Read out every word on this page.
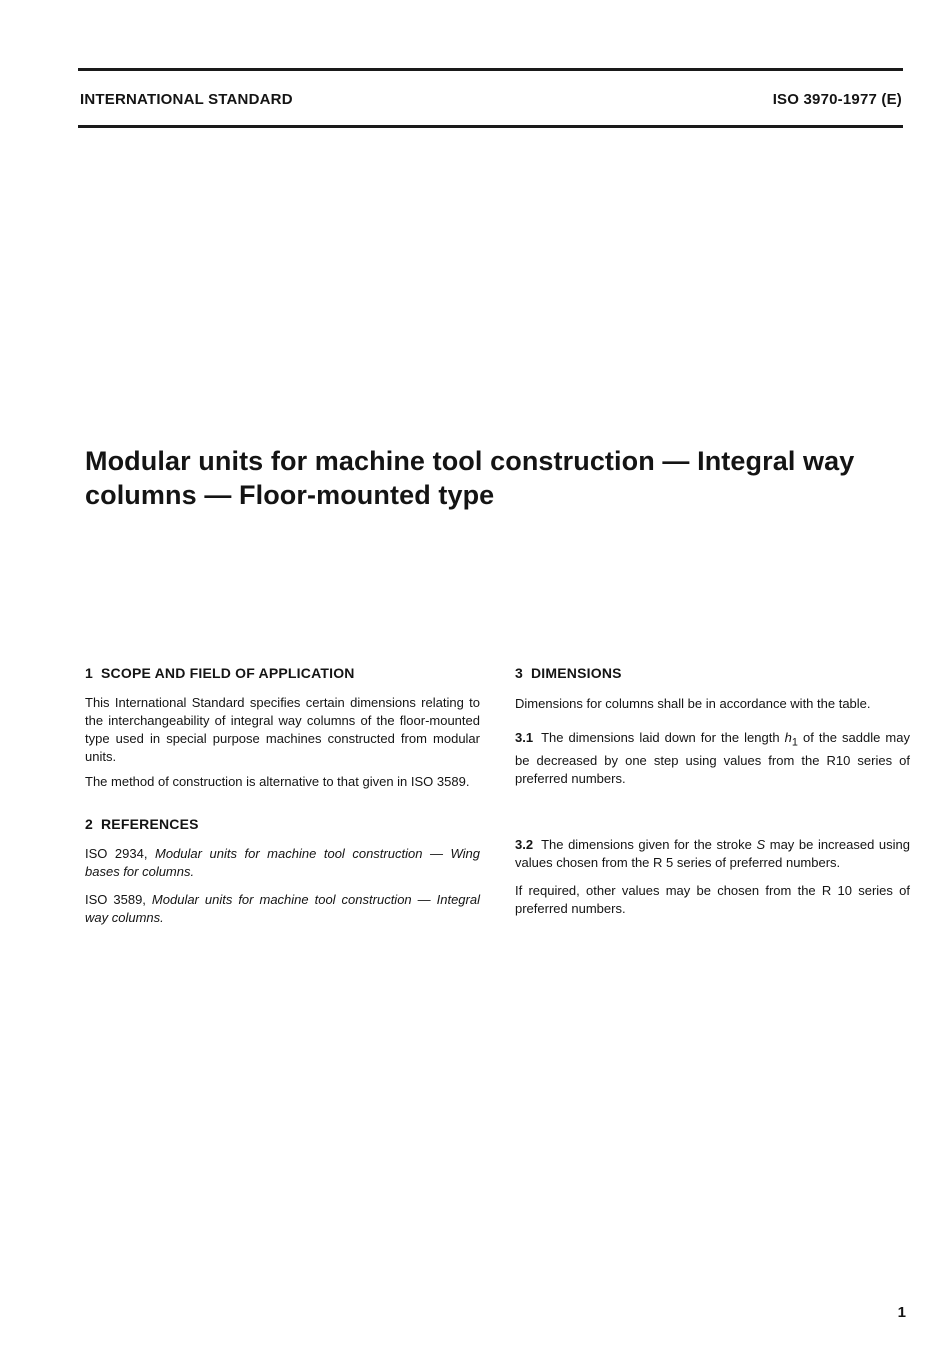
INTERNATIONAL STANDARD	ISO 3970-1977 (E)
Modular units for machine tool construction — Integral way
columns — Floor-mounted type
1 SCOPE AND FIELD OF APPLICATION

This International Standard specifies certain dimensions relating to the interchangeability of integral way columns of the floor-mounted type used in special purpose machines constructed from modular units.

The method of construction is alternative to that given in ISO 3589.

2 REFERENCES

ISO 2934, Modular units for machine tool construction — Wing bases for columns.

ISO 3589, Modular units for machine tool construction — Integral way columns.

3 DIMENSIONS

Dimensions for columns shall be in accordance with the table.

3.1 The dimensions laid down for the length $h_1$ of the saddle may be decreased by one step using values from the R10 series of preferred numbers.

3.2 The dimensions given for the stroke S may be increased using values chosen from the R 5 series of preferred numbers.

If required, other values may be chosen from the R 10 series of preferred numbers.

1
